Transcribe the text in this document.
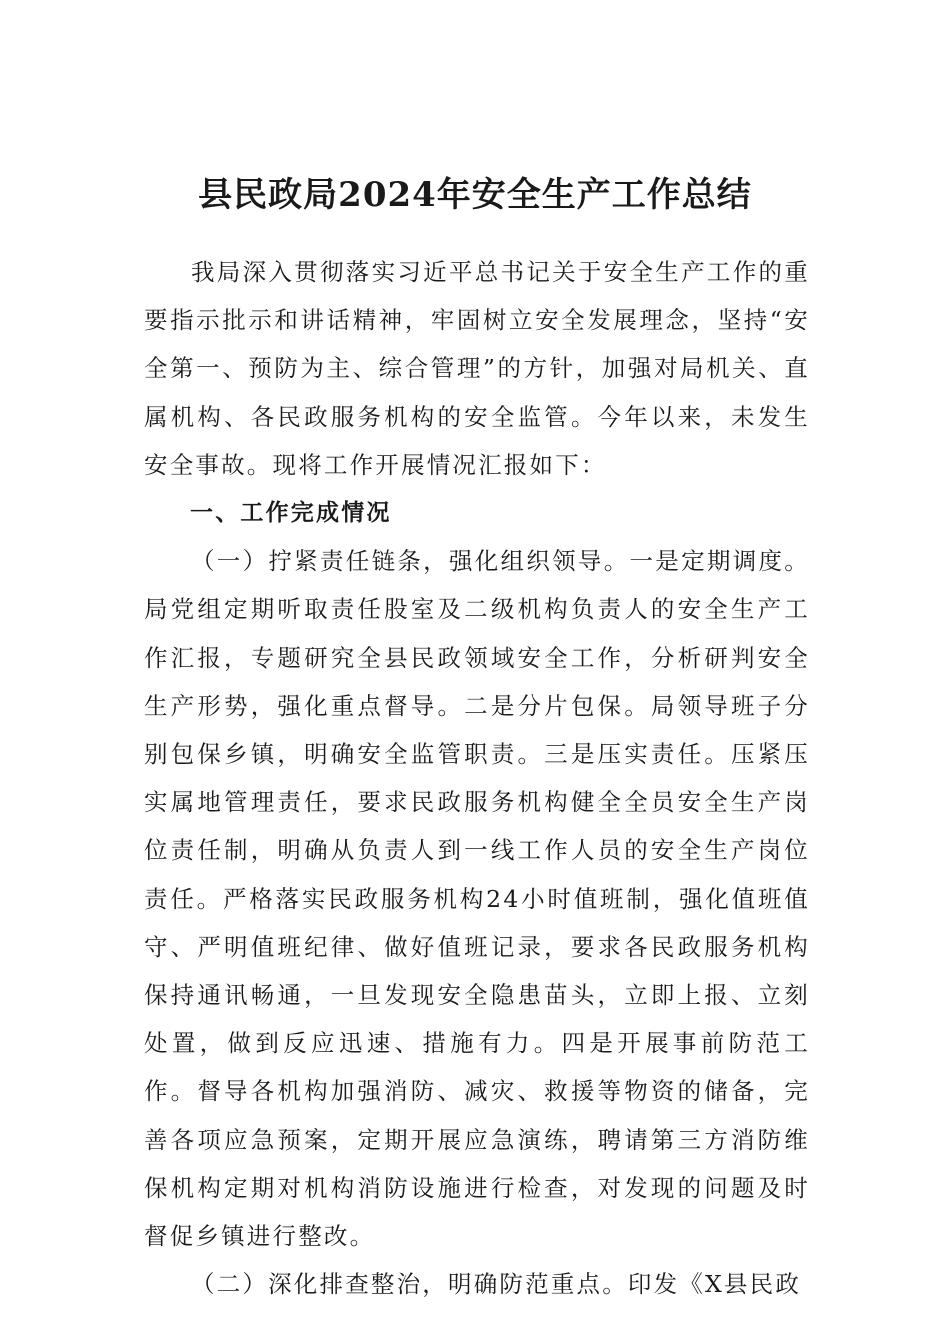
县民政局2024年安全生产工作总结

我局深入贯彻落实习近平总书记关于安全生产工作的重要指示批示和讲话精神，牢固树立安全发展理念，坚持“安全第一、预防为主、综合管理”的方针，加强对局机关、直属机构、各民政服务机构的安全监管。今年以来，未发生安全事故。现将工作开展情况汇报如下：

一、工作完成情况

（一）拧紧责任链条，强化组织领导。一是定期调度。局党组定期听取责任股室及二级机构负责人的安全生产工作汇报，专题研究全县民政领域安全工作，分析研判安全生产形势，强化重点督导。二是分片包保。局领导班子分别包保乡镇，明确安全监管职责。三是压实责任。压紧压实属地管理责任，要求民政服务机构健全全员安全生产岗位责任制，明确从负责人到一线工作人员的安全生产岗位责任。严格落实民政服务机构24小时值班制，强化值班值守、严明值班纪律、做好值班记录，要求各民政服务机构保持通讯畅通，一旦发现安全隐患苗头，立即上报、立刻处置，做到反应迅速、措施有力。四是开展事前防范工作。督导各机构加强消防、减灾、救援等物资的储备，完善各项应急预案，定期开展应急演练，聘请第三方消防维保机构定期对机构消防设施进行检查，对发现的问题及时督促乡镇进行整改。

（二）深化排查整治，明确防范重点。印发《X县民政
